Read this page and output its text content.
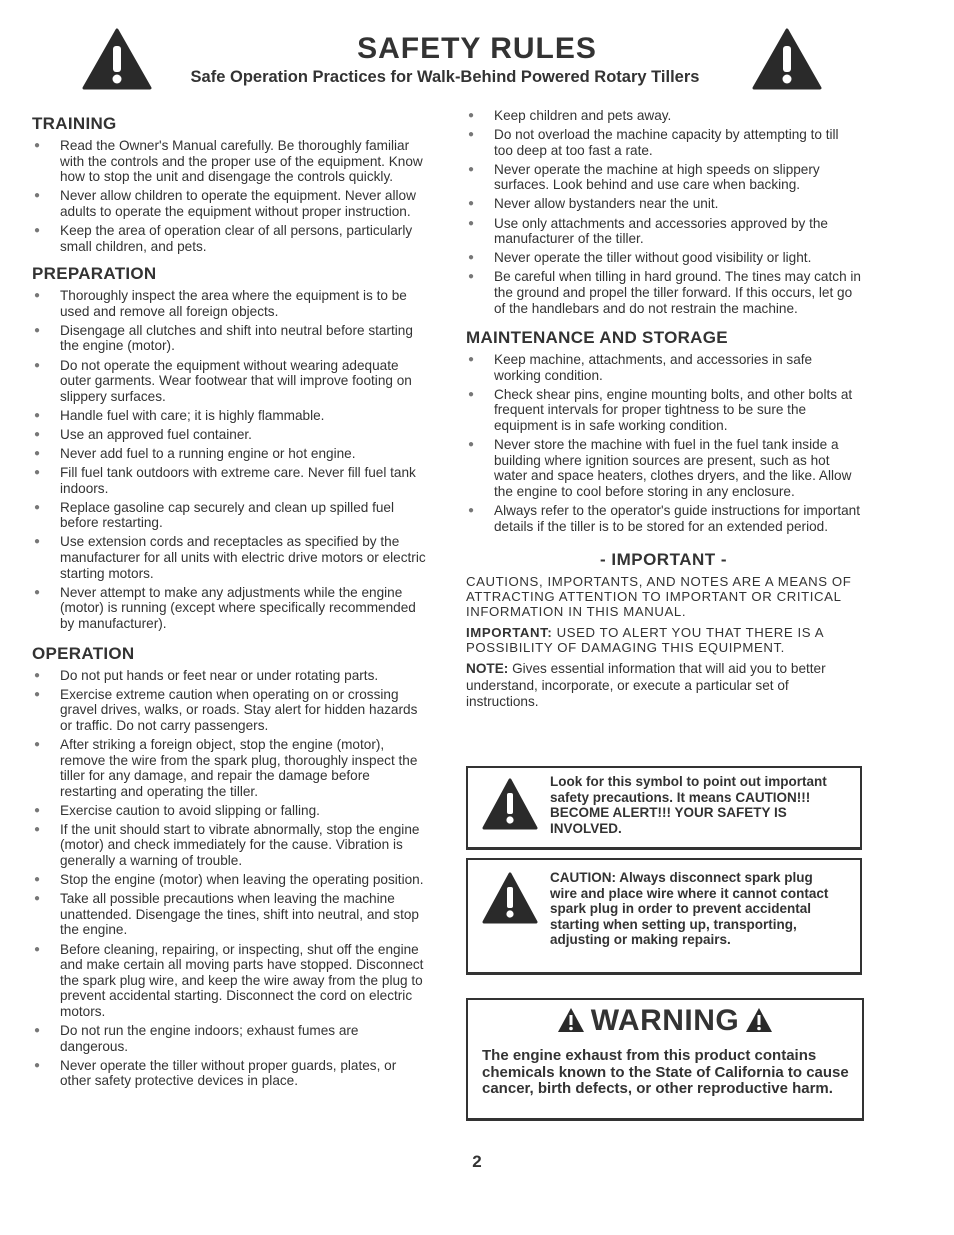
SAFETY RULES
Safe Operation Practices for Walk-Behind Powered Rotary Tillers
TRAINING
● Read the Owner's Manual carefully. Be thoroughly familiar with the controls and the proper use of the equipment. Know how to stop the unit and disengage the controls quickly.
● Never allow children to operate the equipment. Never allow adults to operate the equipment without proper instruction.
● Keep the area of operation clear of all persons, particularly small children, and pets.
PREPARATION
● Thoroughly inspect the area where the equipment is to be used and remove all foreign objects.
● Disengage all clutches and shift into neutral before starting the engine (motor).
● Do not operate the equipment without wearing adequate outer garments. Wear footwear that will improve footing on slippery surfaces.
● Handle fuel with care; it is highly flammable.
● Use an approved fuel container.
● Never add fuel to a running engine or hot engine.
● Fill fuel tank outdoors with extreme care. Never fill fuel tank indoors.
● Replace gasoline cap securely and clean up spilled fuel before restarting.
● Use extension cords and receptacles as specified by the manufacturer for all units with electric drive motors or electric starting motors.
● Never attempt to make any adjustments while the engine (motor) is running (except where specifically recommended by manufacturer).
OPERATION
● Do not put hands or feet near or under rotating parts.
● Exercise extreme caution when operating on or crossing gravel drives, walks, or roads. Stay alert for hidden hazards or traffic. Do not carry passengers.
● After striking a foreign object, stop the engine (motor), remove the wire from the spark plug, thoroughly inspect the tiller for any damage, and repair the damage before restarting and operating the tiller.
● Exercise caution to avoid slipping or falling.
● If the unit should start to vibrate abnormally, stop the engine (motor) and check immediately for the cause. Vibration is generally a warning of trouble.
● Stop the engine (motor) when leaving the operating position.
● Take all possible precautions when leaving the machine unattended. Disengage the tines, shift into neutral, and stop the engine.
● Before cleaning, repairing, or inspecting, shut off the engine and make certain all moving parts have stopped. Disconnect the spark plug wire, and keep the wire away from the plug to prevent accidental starting. Disconnect the cord on electric motors.
● Do not run the engine indoors; exhaust fumes are dangerous.
● Never operate the tiller without proper guards, plates, or other safety protective devices in place.
● Keep children and pets away.
● Do not overload the machine capacity by attempting to till too deep at too fast a rate.
● Never operate the machine at high speeds on slippery surfaces. Look behind and use care when backing.
● Never allow bystanders near the unit.
● Use only attachments and accessories approved by the manufacturer of the tiller.
● Never operate the tiller without good visibility or light.
● Be careful when tilling in hard ground. The tines may catch in the ground and propel the tiller forward. If this occurs, let go of the handlebars and do not restrain the machine.
MAINTENANCE AND STORAGE
● Keep machine, attachments, and accessories in safe working condition.
● Check shear pins, engine mounting bolts, and other bolts at frequent intervals for proper tightness to be sure the equipment is in safe working condition.
● Never store the machine with fuel in the fuel tank inside a building where ignition sources are present, such as hot water and space heaters, clothes dryers, and the like. Allow the engine to cool before storing in any enclosure.
● Always refer to the operator's guide instructions for important details if the tiller is to be stored for an extended period.
- IMPORTANT -

CAUTIONS, IMPORTANTS, AND NOTES ARE A MEANS OF ATTRACTING ATTENTION TO IMPORTANT OR CRITICAL INFORMATION IN THIS MANUAL.

IMPORTANT: USED TO ALERT YOU THAT THERE IS A POSSIBILITY OF DAMAGING THIS EQUIPMENT.

NOTE: Gives essential information that will aid you to better understand, incorporate, or execute a particular set of instructions.

Look for this symbol to point out important safety precautions. It means CAUTION!!! BECOME ALERT!!! YOUR SAFETY IS INVOLVED.
CAUTION: Always disconnect spark plug wire and place wire where it cannot contact spark plug in order to prevent accidental starting when setting up, transporting, adjusting or making repairs.
WARNING
The engine exhaust from this product contains chemicals known to the State of California to cause cancer, birth defects, or other reproductive harm.
2
